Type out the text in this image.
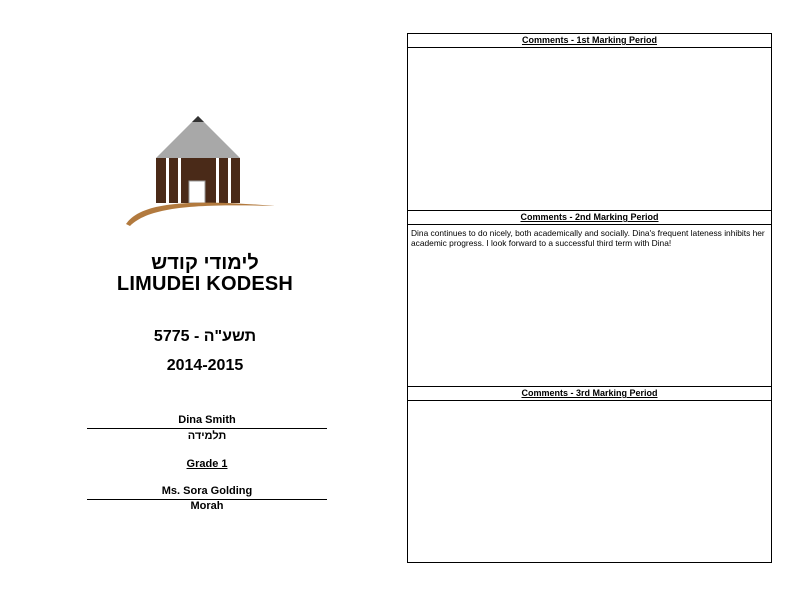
לימודי קודש
LIMUDEI KODESH
תשע"ה - 5775
2014-2015
Dina Smith
תלמידה
Grade 1
Ms. Sora Golding
Morah
Comments - 1st Marking Period
Comments - 2nd Marking Period
Dina continues to do nicely, both academically and socially. Dina's frequent lateness inhibits her academic progress. I look forward to a successful third term with Dina!
Comments - 3rd Marking Period
